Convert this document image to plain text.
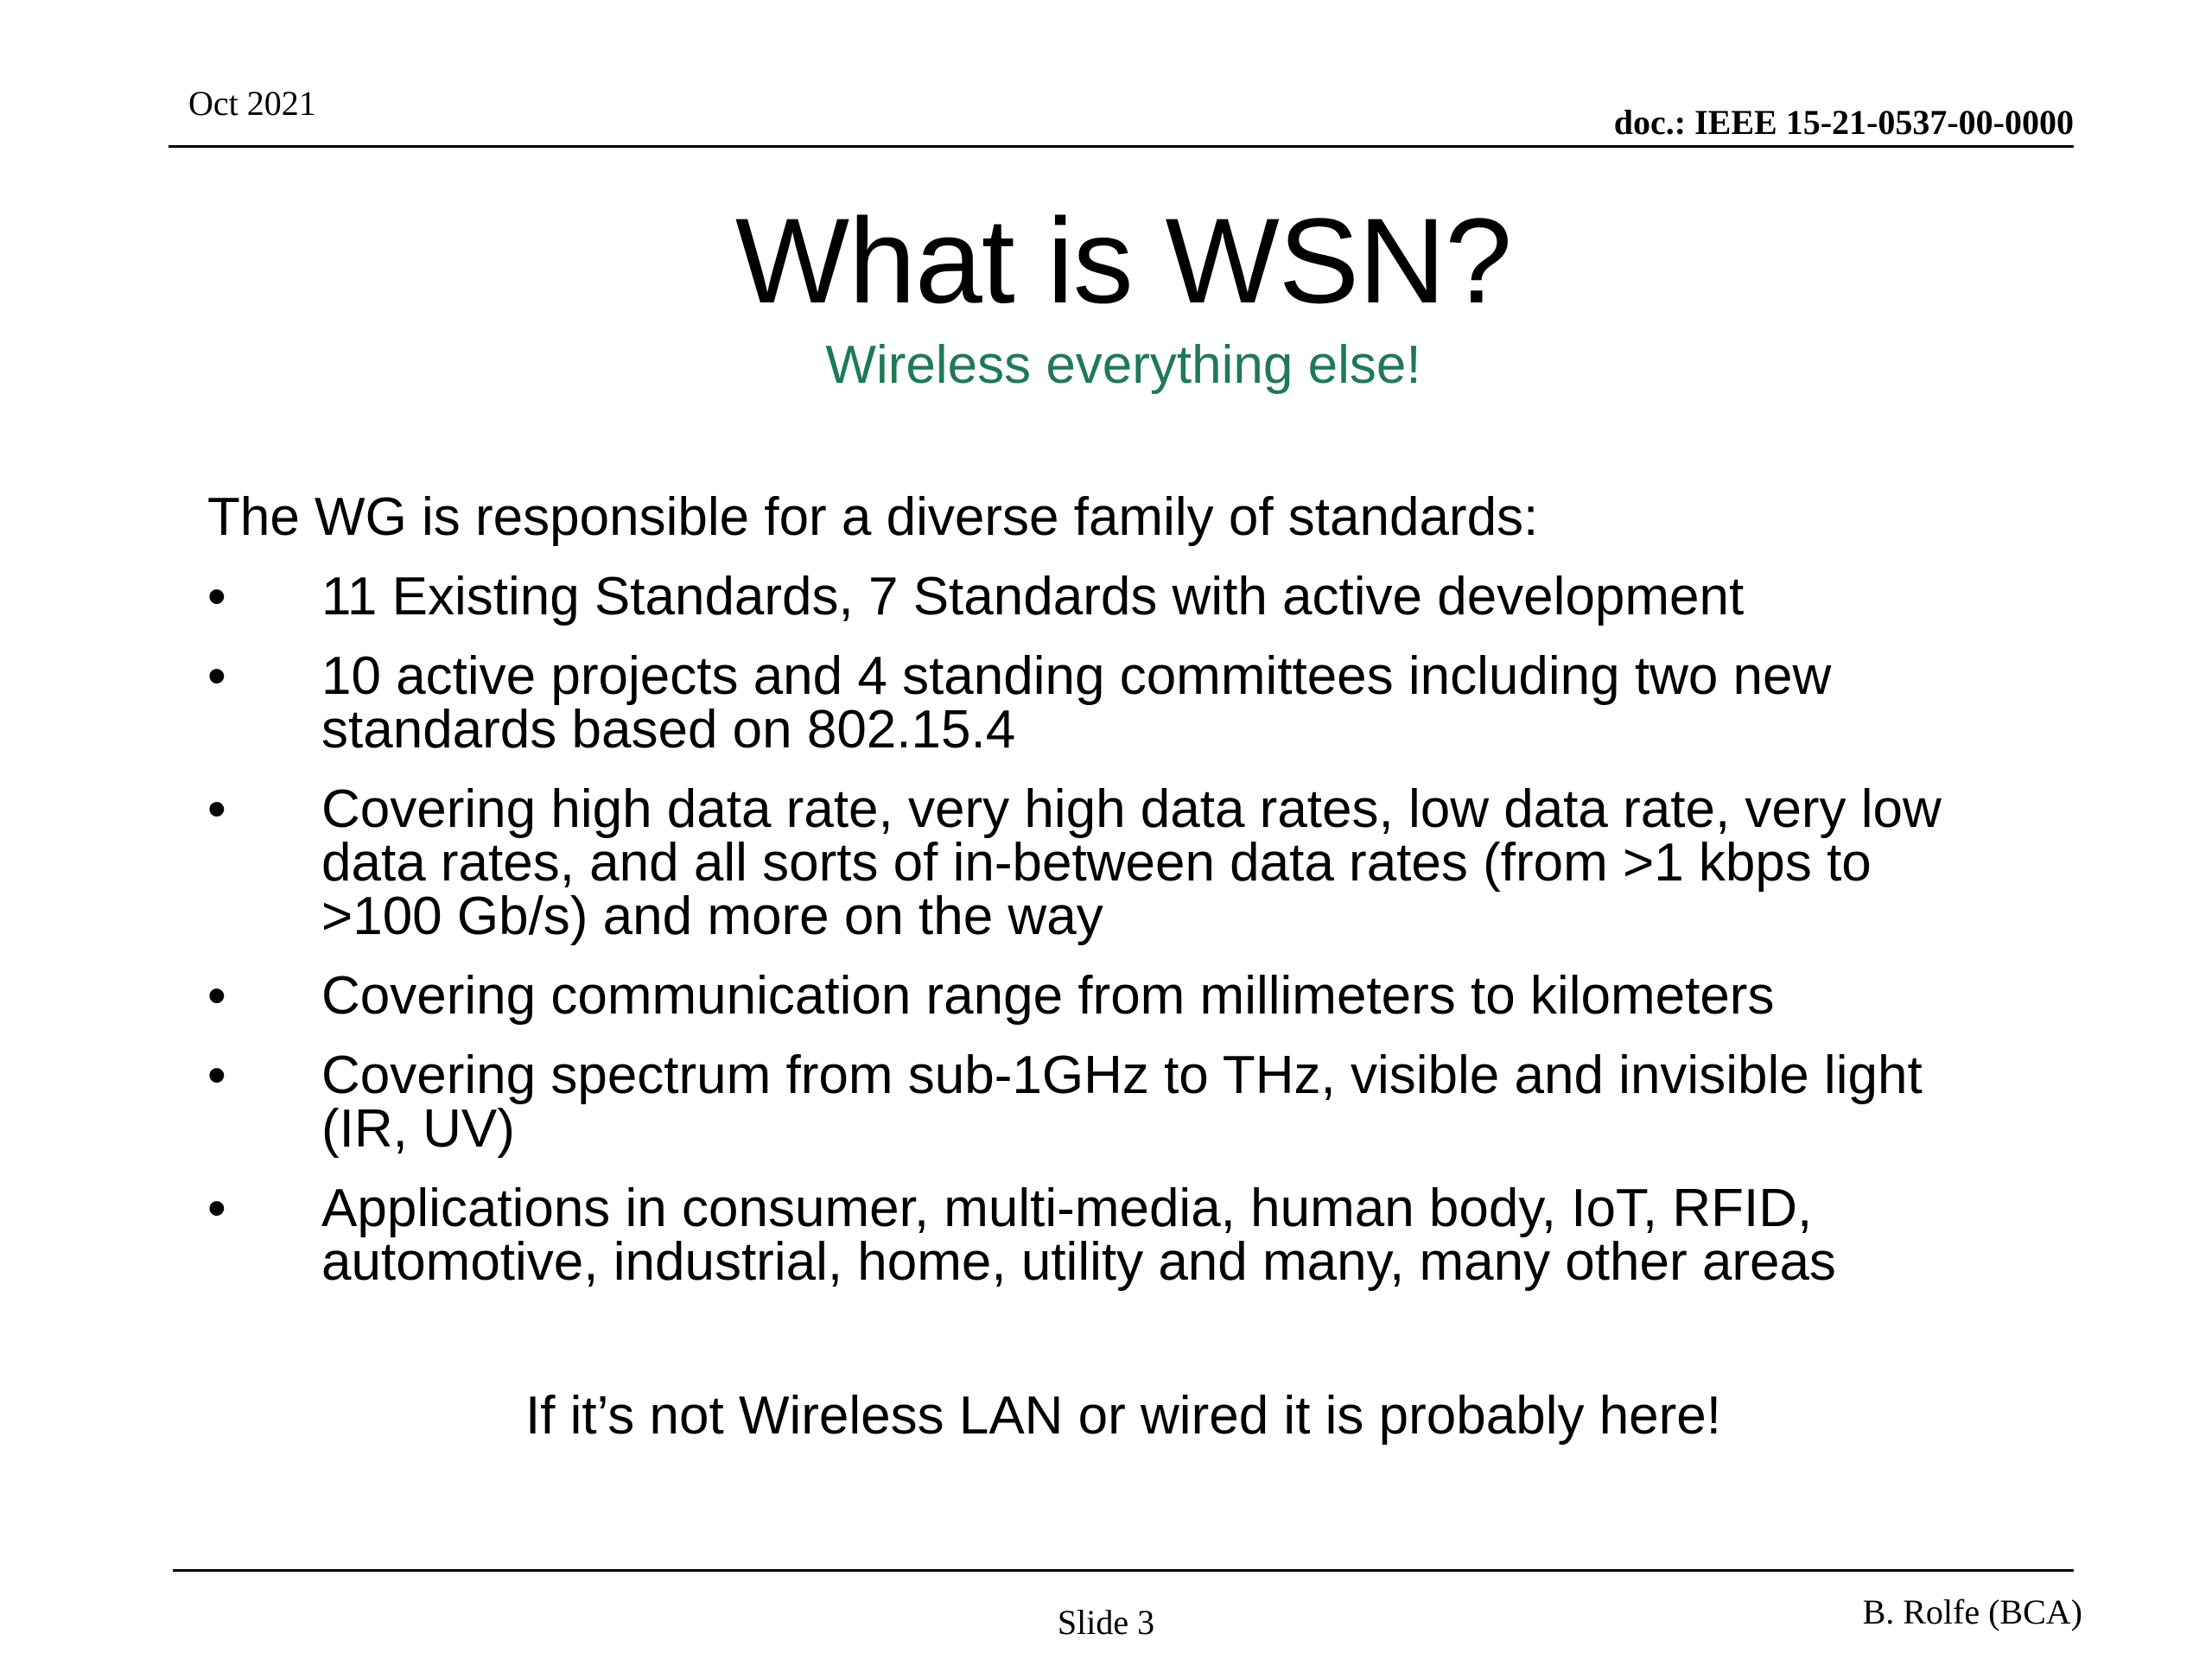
Oct 2021	doc.: IEEE 15-21-0537-00-0000
What is WSN?
Wireless everything else!
The WG is responsible for a diverse family of standards:
• 11 Existing Standards, 7 Standards with active development
• 10 active projects and 4 standing committees including two new standards based on 802.15.4
• Covering high data rate, very high data rates, low data rate, very low data rates, and all sorts of in-between data rates (from >1 kbps to >100 Gb/s) and more on the way
• Covering communication range from millimeters to kilometers
• Covering spectrum from sub-1GHz to THz, visible and invisible light (IR, UV)
• Applications in consumer, multi-media, human body, IoT, RFID, automotive, industrial, home, utility and many, many other areas
If it’s not Wireless LAN or wired it is probably here!
Slide 3	B. Rolfe (BCA)
